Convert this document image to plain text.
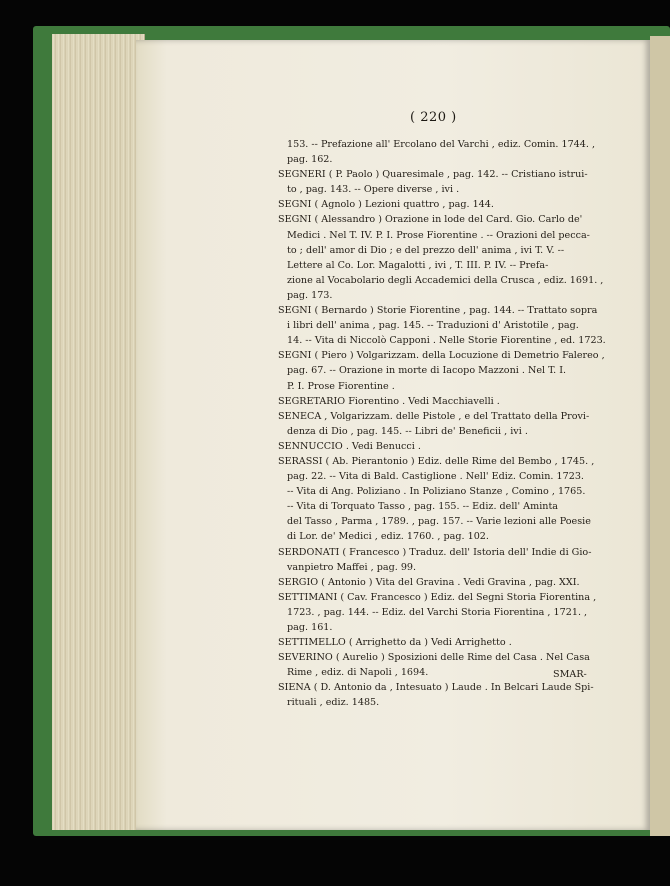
( 220 )
153. -- Prefazione all' Ercolano del Varchi , ediz. Comin. 1744. ,
pag. 162.
SEGNERI ( P. Paolo ) Quaresimale , pag. 142. -- Cristiano istrui-
to , pag. 143. -- Opere diverse , ivi .
SEGNI ( Agnolo ) Lezioni quattro , pag. 144.
SEGNI ( Alessandro ) Orazione in lode del Card. Gio. Carlo de'
Medici . Nel T. IV. P. I. Prose Fiorentine . -- Orazioni del pecca-
to ; dell' amor di Dio ; e del prezzo dell' anima , ivi T. V. --
Lettere al Co. Lor. Magalotti , ivi , T. III. P. IV. -- Prefa-
zione al Vocabolario degli Accademici della Crusca , ediz. 1691. ,
pag. 173.
SEGNI ( Bernardo ) Storie Fiorentine , pag. 144. -- Trattato sopra
i libri dell' anima , pag. 145. -- Traduzioni d' Aristotile , pag.
14. -- Vita di Niccolò Capponi . Nelle Storie Fiorentine , ed. 1723.
SEGNI ( Piero ) Volgarizzam. della Locuzione di Demetrio Falereo ,
pag. 67. -- Orazione in morte di Iacopo Mazzoni . Nel T. I.
P. I. Prose Fiorentine .
SEGRETARIO Fiorentino . Vedi Macchiavelli .
SENECA , Volgarizzam. delle Pistole , e del Trattato della Provi-
denza di Dio , pag. 145. -- Libri de' Beneficii , ivi .
SENNUCCIO . Vedi Benucci .
SERASSI ( Ab. Pierantonio ) Ediz. delle Rime del Bembo , 1745. ,
pag. 22. -- Vita di Bald. Castiglione . Nell' Ediz. Comin. 1723.
-- Vita di Ang. Poliziano . In Poliziano Stanze , Comino , 1765.
-- Vita di Torquato Tasso , pag. 155. -- Ediz. dell' Aminta
del Tasso , Parma , 1789. , pag. 157. -- Varie lezioni alle Poesie
di Lor. de' Medici , ediz. 1760. , pag. 102.
SERDONATI ( Francesco ) Traduz. dell' Istoria dell' Indie di Gio-
vanpietro Maffei , pag. 99.
SERGIO ( Antonio ) Vita del Gravina . Vedi Gravina , pag. XXI.
SETTIMANI ( Cav. Francesco ) Ediz. del Segni Storia Fiorentina ,
1723. , pag. 144. -- Ediz. del Varchi Storia Fiorentina , 1721. ,
pag. 161.
SETTIMELLO ( Arrighetto da ) Vedi Arrighetto .
SEVERINO ( Aurelio ) Sposizioni delle Rime del Casa . Nel Casa
Rime , ediz. di Napoli , 1694.
SIENA ( D. Antonio da , Intesuato ) Laude . In Belcari Laude Spi-
rituali , ediz. 1485.
SMAR-
